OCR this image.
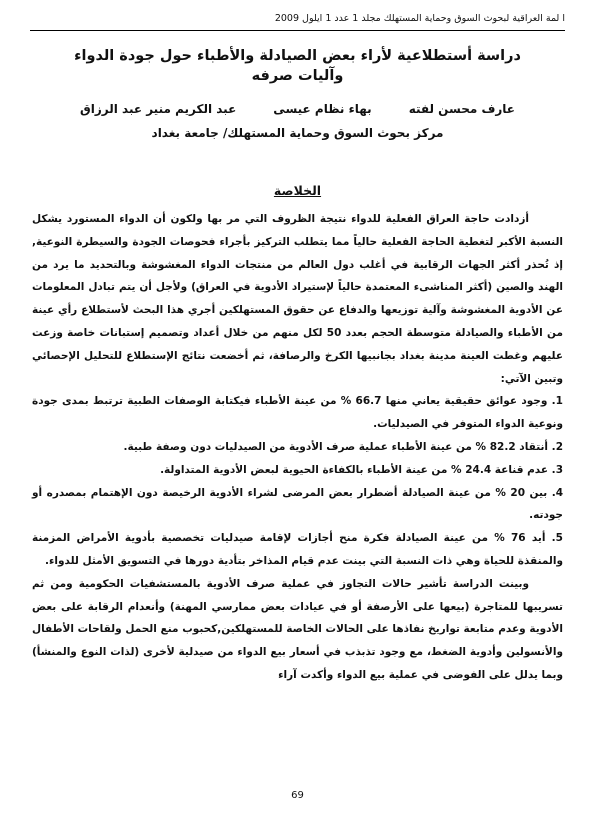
ا لمة العراقية لبحوث السوق وحماية المستهلك مجلد 1 عدد 1 ايلول 2009
دراسة أستطلاعية لأراء بعض الصيادلة والأطباء حول جودة الدواء وآليات صرفه
عارف محسن لفته
بهاء نظام عيسى
عبد الكريم منير عبد الرزاق
مركز بحوث السوق وحماية المستهلك/ جامعة بغداد
الخلاصة

أزدادت حاجة العراق الفعلية للدواء نتيجة الظروف التي مر بها ولكون أن الدواء المستورد يشكل النسبة الأكبر لتغطية الحاجة الفعلية حالياً مما يتطلب التركيز بأجراء فحوصات الجودة والسيطرة النوعية, إذ تُحذر أكثر الجهات الرقابية في أغلب دول العالم من منتجات الدواء المغشوشة وبالتحديد ما يرد من الهند والصين (أكثر المناشىء المعتمدة حالياً لإستيراد الأدوية في العراق) ولأجل أن يتم تبادل المعلومات عن الأدوية المغشوشة وآلية توزيعها والدفاع عن حقوق المستهلكين أجري هذا البحث لأستطلاع رأي عينة من الأطباء والصيادلة متوسطة الحجم بعدد 50 لكل منهم من خلال أعداد وتصميم إستبانات خاصة وزعت عليهم وغطت العينة مدينة بغداد بجانبيها الكرخ والرصافة، ثم أخضعت نتائج الإستطلاع للتحليل الإحصائي وتبين الآتي:

1. وجود عوائق حقيقية يعاني منها 66.7 % من عينة الأطباء فيكتابة الوصفات الطبية ترتبط بمدى جودة ونوعية الدواء المتوفر في الصيدليات.

2. أنتقاد 82.2 % من عينة الأطباء عملية صرف الأدوية من الصيدليات دون وصفة طبية.

3. عدم قناعة 24.4 % من عينة الأطباء بالكفاءة الحيوية لبعض الأدوية المتداولة.

4. بين 20 % من عينة الصيادلة أضطرار بعض المرضى لشراء الأدوية الرخيصة دون الإهتمام بمصدره أو جودته.

5. أيد 76 % من عينة الصيادلة فكرة منح أجازات لإقامة صيدليات تخصصية بأدوية الأمراض المزمنة والمنقذة للحياة وهي ذات النسبة التي بينت عدم قيام المذاخر بتأدية دورها في التسويق الأمثل للدواء.

وبينت الدراسة تأشير حالات التجاوز في عملية صرف الأدوية بالمستشفيات الحكومية ومن ثم تسريبها للمتاجرة (بيعها على الأرصفة أو في عيادات بعض ممارسي المهنة) وأنعدام الرقابة على بعض الأدوية وعدم متابعة تواريخ نفاذها على الحالات الخاصة للمستهلكين,كحبوب منع الحمل ولقاحات الأطفال والأنسولين وأدوية الضغط، مع وجود تذبذب في أسعار بيع الدواء من صيدلية لأخرى (لذات النوع والمنشأ) وبما يدلل على الفوضى في عملية بيع الدواء وأكدت آراء

69
